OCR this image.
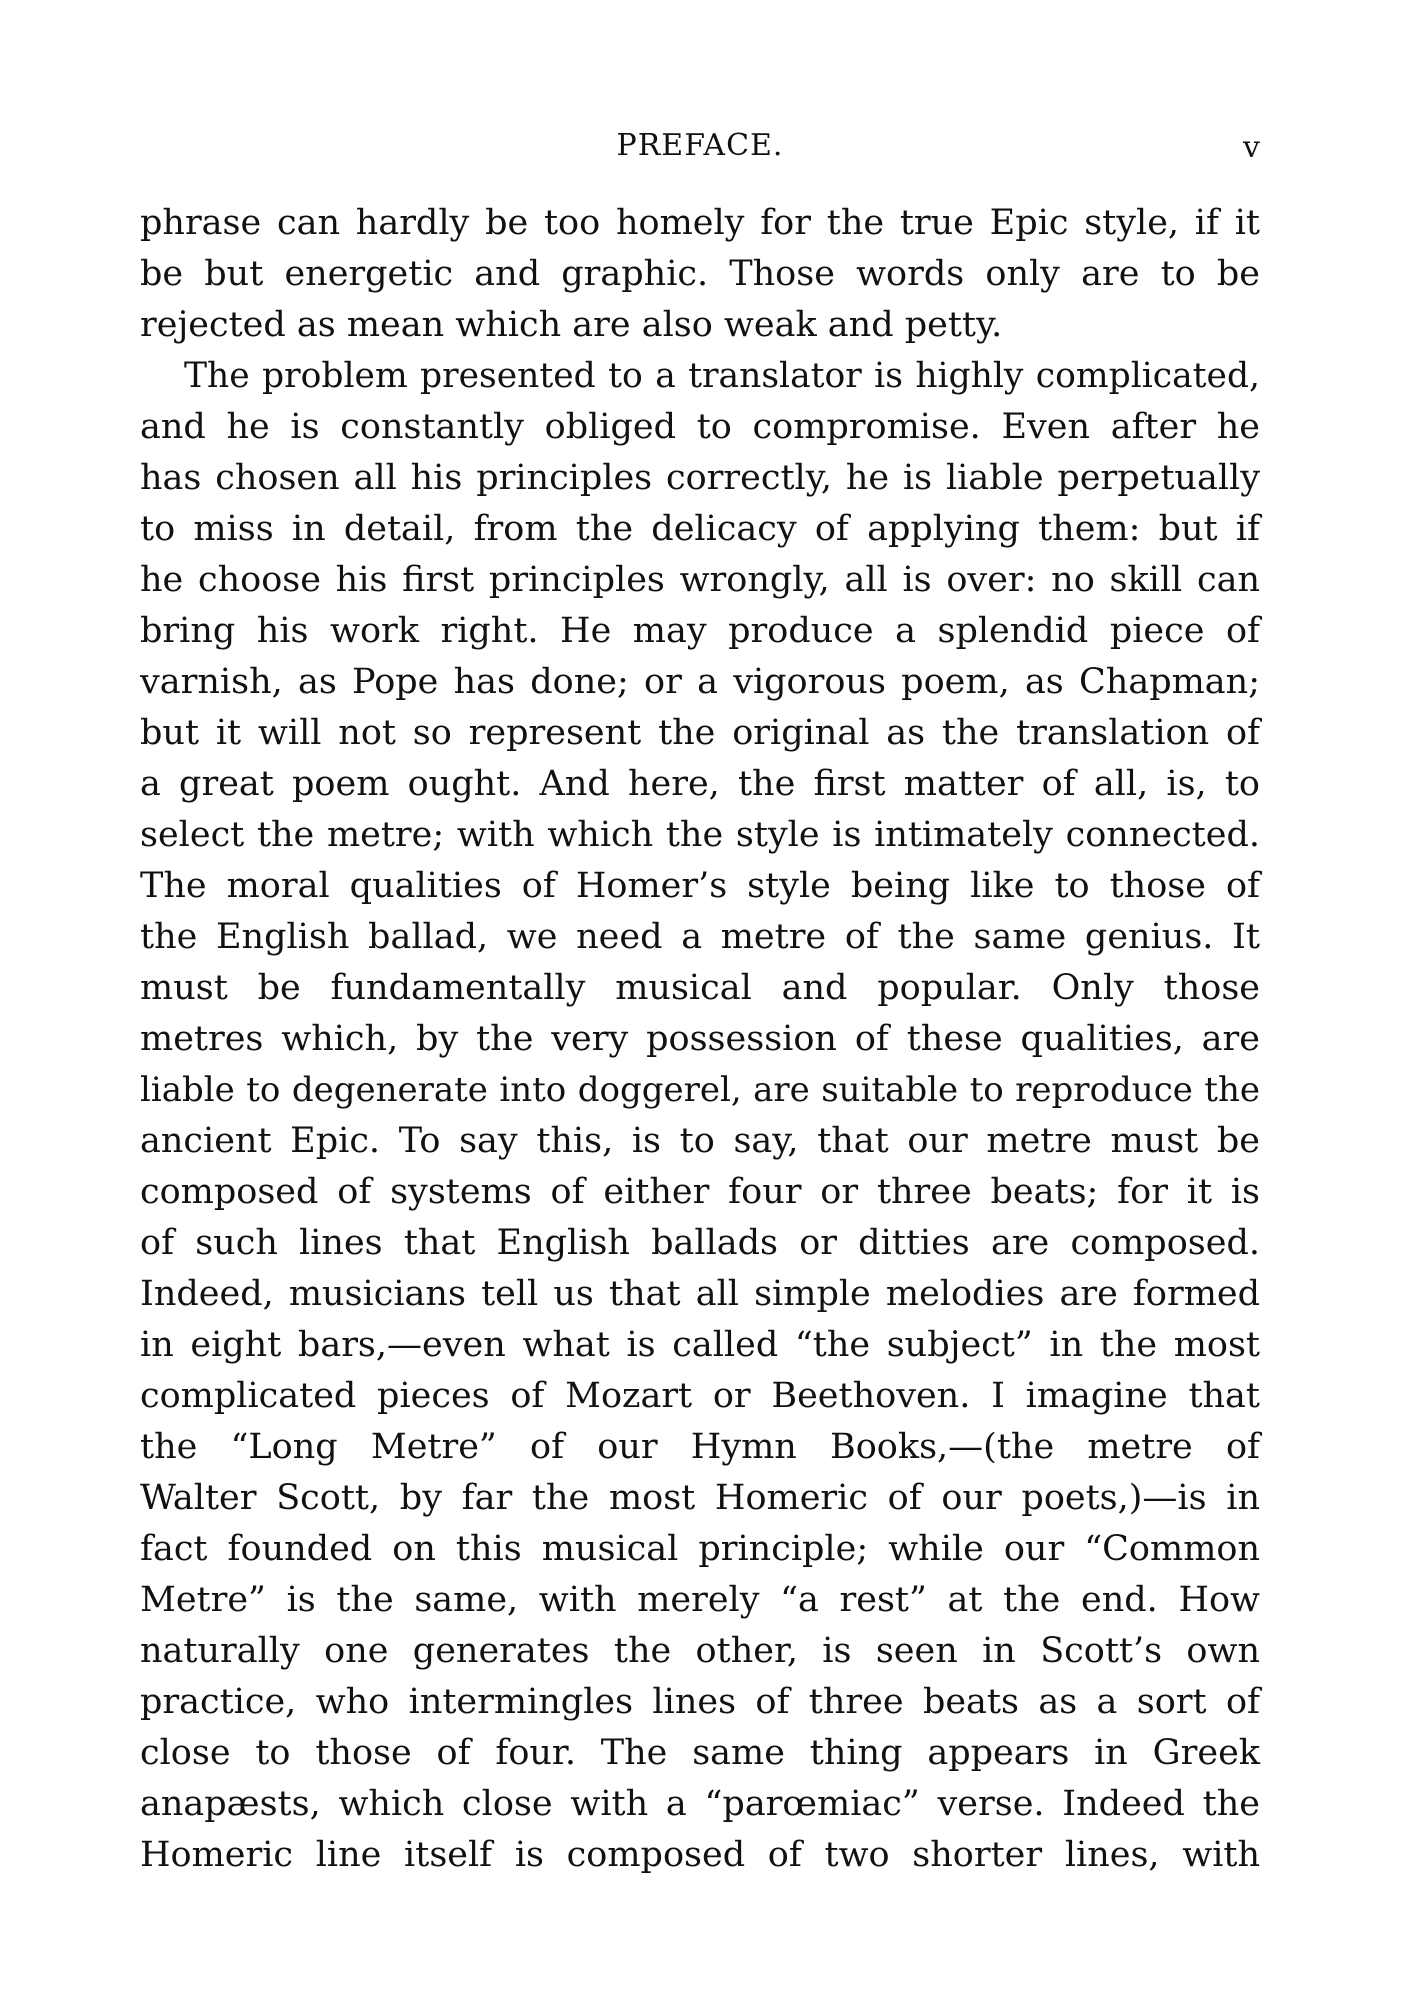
PREFACE.	v
phrase can hardly be too homely for the true Epic style, if it
be but energetic and graphic. Those words only are to be
rejected as mean which are also weak and petty.
The problem presented to a translator is highly complicated,
and he is constantly obliged to compromise. Even after he
has chosen all his principles correctly, he is liable perpetually
to miss in detail, from the delicacy of applying them: but if
he choose his first principles wrongly, all is over: no skill can
bring his work right. He may produce a splendid piece of
varnish, as Pope has done; or a vigorous poem, as Chapman;
but it will not so represent the original as the translation of
a great poem ought. And here, the first matter of all, is, to
select the metre; with which the style is intimately connected.
The moral qualities of Homer’s style being like to those of
the English ballad, we need a metre of the same genius. It
must be fundamentally musical and popular. Only those
metres which, by the very possession of these qualities, are
liable to degenerate into doggerel, are suitable to reproduce the
ancient Epic. To say this, is to say, that our metre must be
composed of systems of either four or three beats; for it is
of such lines that English ballads or ditties are composed.
Indeed, musicians tell us that all simple melodies are formed
in eight bars,—even what is called “the subject” in the most
complicated pieces of Mozart or Beethoven. I imagine that
the “Long Metre” of our Hymn Books,—(the metre of
Walter Scott, by far the most Homeric of our poets,)—is in
fact founded on this musical principle; while our “Common
Metre” is the same, with merely “a rest” at the end. How
naturally one generates the other, is seen in Scott’s own
practice, who intermingles lines of three beats as a sort of
close to those of four. The same thing appears in Greek
anapæsts, which close with a “parœmiac” verse. Indeed the
Homeric line itself is composed of two shorter lines, with
